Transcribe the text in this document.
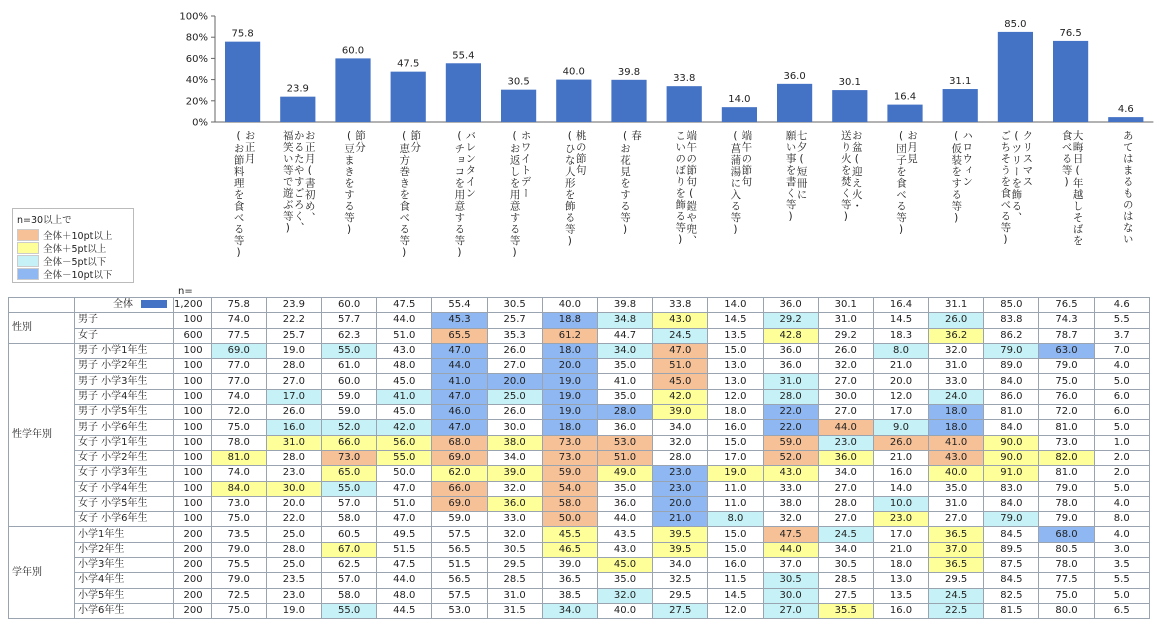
0%
20%
40%
60%
80%
100%
75.8
23.9
60.0
47.5
55.4
30.5
40.0	39.8
33.8
14.0
36.0
30.1
16.4
31.1
85.0
76.5
4.6
お正月
(お節料理を食べる等)	お正月(書初め、
かるたやすごろく、
福笑い等で遊ぶ等)	節分
(豆まきをする等)	節分
(恵方巻きを食べる等)	バレンタイン
(チョコを用意する等)	ホワイトデー
(お返しを用意する等)	桃の節句
(ひな人形を飾る等)	春
(お花見をする等)	端午の節句(鎧や兜、
こいのぼりを飾る等)	端午の節句
(菖蒲湯に入る等)	七夕(短冊に
願い事を書く等)	お盆(迎え火・
送り火を焚く等)	お月見
(団子を食べる等)	ハロウィン
(仮装をする等)	クリスマス
(ツリーを飾る、
ごちそうを食べる等)	大晦日(年越しそばを
食べる等)	あてはまるものはない
n=30以上で
全体＋10pt以上
全体＋5pt以上
全体－5pt以下
全体－10pt以下
n=
	全体	1,200	75.8	23.9	60.0	47.5	55.4	30.5	40.0	39.8	33.8	14.0	36.0	30.1	16.4	31.1	85.0	76.5	4.6
性別	男子	100	74.0	22.2	57.7	44.0	45.3	25.7	18.8	34.8	43.0	14.5	29.2	31.0	14.5	26.0	83.8	74.3	5.5
	女子	600	77.5	25.7	62.3	51.0	65.5	35.3	61.2	44.7	24.5	13.5	42.8	29.2	18.3	36.2	86.2	78.7	3.7
性学年別	男子 小学1年生	100	69.0	19.0	55.0	43.0	47.0	26.0	18.0	34.0	47.0	15.0	36.0	26.0	8.0	32.0	79.0	63.0	7.0
	男子 小学2年生	100	77.0	28.0	61.0	48.0	44.0	27.0	20.0	35.0	51.0	13.0	36.0	32.0	21.0	31.0	89.0	79.0	4.0
	男子 小学3年生	100	77.0	27.0	60.0	45.0	41.0	20.0	19.0	41.0	45.0	13.0	31.0	27.0	20.0	33.0	84.0	75.0	5.0
	男子 小学4年生	100	74.0	17.0	59.0	41.0	47.0	25.0	19.0	35.0	42.0	12.0	28.0	30.0	12.0	24.0	86.0	76.0	6.0
	男子 小学5年生	100	72.0	26.0	59.0	45.0	46.0	26.0	19.0	28.0	39.0	18.0	22.0	27.0	17.0	18.0	81.0	72.0	6.0
	男子 小学6年生	100	75.0	16.0	52.0	42.0	47.0	30.0	18.0	36.0	34.0	16.0	22.0	44.0	9.0	18.0	84.0	81.0	5.0
	女子 小学1年生	100	78.0	31.0	66.0	56.0	68.0	38.0	73.0	53.0	32.0	15.0	59.0	23.0	26.0	41.0	90.0	73.0	1.0
	女子 小学2年生	100	81.0	28.0	73.0	55.0	69.0	34.0	73.0	51.0	28.0	17.0	52.0	36.0	21.0	43.0	90.0	82.0	2.0
	女子 小学3年生	100	74.0	23.0	65.0	50.0	62.0	39.0	59.0	49.0	23.0	19.0	43.0	34.0	16.0	40.0	91.0	81.0	2.0
	女子 小学4年生	100	84.0	30.0	55.0	47.0	66.0	32.0	54.0	35.0	23.0	11.0	33.0	27.0	14.0	35.0	83.0	79.0	5.0
	女子 小学5年生	100	73.0	20.0	57.0	51.0	69.0	36.0	58.0	36.0	20.0	11.0	38.0	28.0	10.0	31.0	84.0	78.0	4.0
	女子 小学6年生	100	75.0	22.0	58.0	47.0	59.0	33.0	50.0	44.0	21.0	8.0	32.0	27.0	23.0	27.0	79.0	79.0	8.0
学年別	小学1年生	200	73.5	25.0	60.5	49.5	57.5	32.0	45.5	43.5	39.5	15.0	47.5	24.5	17.0	36.5	84.5	68.0	4.0
	小学2年生	200	79.0	28.0	67.0	51.5	56.5	30.5	46.5	43.0	39.5	15.0	44.0	34.0	21.0	37.0	89.5	80.5	3.0
	小学3年生	200	75.5	25.0	62.5	47.5	51.5	29.5	39.0	45.0	34.0	16.0	37.0	30.5	18.0	36.5	87.5	78.0	3.5
	小学4年生	200	79.0	23.5	57.0	44.0	56.5	28.5	36.5	35.0	32.5	11.5	30.5	28.5	13.0	29.5	84.5	77.5	5.5
	小学5年生	200	72.5	23.0	58.0	48.0	57.5	31.0	38.5	32.0	29.5	14.5	30.0	27.5	13.5	24.5	82.5	75.0	5.0
	小学6年生	200	75.0	19.0	55.0	44.5	53.0	31.5	34.0	40.0	27.5	12.0	27.0	35.5	16.0	22.5	81.5	80.0	6.5
